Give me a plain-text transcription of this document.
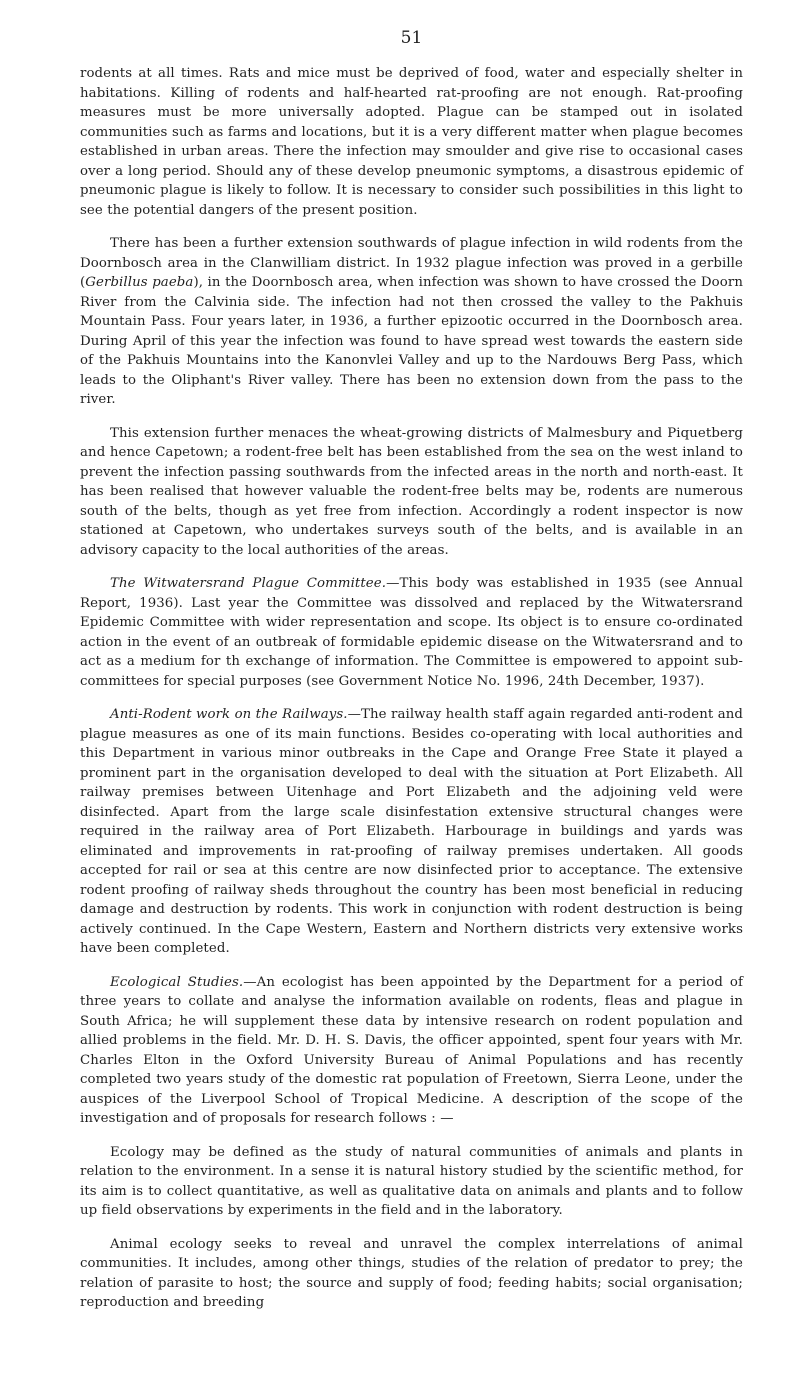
51

rodents at all times. Rats and mice must be deprived of food, water and especially shelter in habitations. Killing of rodents and half-hearted rat-proofing are not enough. Rat-proofing measures must be more universally adopted. Plague can be stamped out in isolated communities such as farms and locations, but it is a very different matter when plague becomes established in urban areas. There the infection may smoulder and give rise to occasional cases over a long period. Should any of these develop pneumonic symptoms, a disastrous epidemic of pneumonic plague is likely to follow. It is necessary to consider such possibilities in this light to see the potential dangers of the present position.

There has been a further extension southwards of plague infection in wild rodents from the Doornbosch area in the Clanwilliam district. In 1932 plague infection was proved in a gerbille (Gerbillus paeba), in the Doornbosch area, when infection was shown to have crossed the Doorn River from the Calvinia side. The infection had not then crossed the valley to the Pakhuis Mountain Pass. Four years later, in 1936, a further epizootic occurred in the Doornbosch area. During April of this year the infection was found to have spread west towards the eastern side of the Pakhuis Mountains into the Kanonvlei Valley and up to the Nardouws Berg Pass, which leads to the Oliphant's River valley. There has been no extension down from the pass to the river.

This extension further menaces the wheat-growing districts of Malmesbury and Piquetberg and hence Capetown; a rodent-free belt has been established from the sea on the west inland to prevent the infection passing southwards from the infected areas in the north and north-east. It has been realised that however valuable the rodent-free belts may be, rodents are numerous south of the belts, though as yet free from infection. Accordingly a rodent inspector is now stationed at Capetown, who undertakes surveys south of the belts, and is available in an advisory capacity to the local authorities of the areas.

The Witwatersrand Plague Committee.—This body was established in 1935 (see Annual Report, 1936). Last year the Committee was dissolved and replaced by the Witwatersrand Epidemic Committee with wider representation and scope. Its object is to ensure co-ordinated action in the event of an outbreak of formidable epidemic disease on the Witwatersrand and to act as a medium for th exchange of information. The Committee is empowered to appoint sub-committees for special purposes (see Government Notice No. 1996, 24th December, 1937).

Anti-Rodent work on the Railways.—The railway health staff again regarded anti-rodent and plague measures as one of its main functions. Besides co-operating with local authorities and this Department in various minor outbreaks in the Cape and Orange Free State it played a prominent part in the organisation developed to deal with the situation at Port Elizabeth. All railway premises between Uitenhage and Port Elizabeth and the adjoining veld were disinfected. Apart from the large scale disinfestation extensive structural changes were required in the railway area of Port Elizabeth. Harbourage in buildings and yards was eliminated and improvements in rat-proofing of railway premises undertaken. All goods accepted for rail or sea at this centre are now disinfected prior to acceptance. The extensive rodent proofing of railway sheds throughout the country has been most beneficial in reducing damage and destruction by rodents. This work in conjunction with rodent destruction is being actively continued. In the Cape Western, Eastern and Northern districts very extensive works have been completed.

Ecological Studies.—An ecologist has been appointed by the Department for a period of three years to collate and analyse the information available on rodents, fleas and plague in South Africa; he will supplement these data by intensive research on rodent population and allied problems in the field. Mr. D. H. S. Davis, the officer appointed, spent four years with Mr. Charles Elton in the Oxford University Bureau of Animal Populations and has recently completed two years study of the domestic rat population of Freetown, Sierra Leone, under the auspices of the Liverpool School of Tropical Medicine. A description of the scope of the investigation and of proposals for research follows : —

Ecology may be defined as the study of natural communities of animals and plants in relation to the environment. In a sense it is natural history studied by the scientific method, for its aim is to collect quantitative, as well as qualitative data on animals and plants and to follow up field observations by experiments in the field and in the laboratory.

Animal ecology seeks to reveal and unravel the complex interrelations of animal communities. It includes, among other things, studies of the relation of predator to prey; the relation of parasite to host; the source and supply of food; feeding habits; social organisation; reproduction and breeding
